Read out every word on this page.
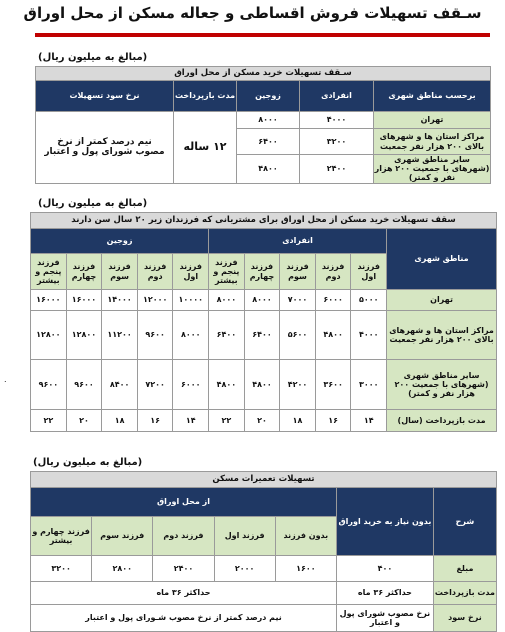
سـقف تسهیلات فروش اقساطی و جعاله مسکن از محل اوراق
(مبالغ به میلیون ریال)
سـقف تسهیلات خرید مسکن از محل اوراق				
برحسب مناطق شهری	انفرادی	زوجین	مدت بازپرداخت	نرخ سود تسهیلات
تهران	۴۰۰۰	۸۰۰۰	۱۲ ساله	نیم درصد کمتر از نرخ مصوب شورای پول و اعتبار
مراکز استان ها و شهرهای بالای ۲۰۰ هزار نفر جمعیت	۳۲۰۰	۶۴۰۰		
سایر مناطق شهری (شهرهای با جمعیت ۲۰۰ هزار نفر و کمتر)	۲۴۰۰	۴۸۰۰		
(مبالغ به میلیون ریال)
سقف تسهیلات خرید مسکن از محل اوراق برای مشتریانی که فرزندان زیر ۲۰ سال سن دارند										
مناطق شهری	انفرادی					زوجین				
	فرزند اول	فرزند دوم	فرزند سوم	فرزند چهارم	فرزند پنجم و بیشتر	فرزند اول	فرزند دوم	فرزند سوم	فرزند چهارم	فرزند پنجم و بیشتر
تهران	۵۰۰۰	۶۰۰۰	۷۰۰۰	۸۰۰۰	۸۰۰۰	۱۰۰۰۰	۱۲۰۰۰	۱۴۰۰۰	۱۶۰۰۰	۱۶۰۰۰
مراکز استان ها و شهرهای بالای ۲۰۰ هزار نفر جمعیت	۴۰۰۰	۴۸۰۰	۵۶۰۰	۶۴۰۰	۶۴۰۰	۸۰۰۰	۹۶۰۰	۱۱۲۰۰	۱۲۸۰۰	۱۲۸۰۰
سایر مناطق شهری (شهرهای با جمعیت ۲۰۰ هزار نفر و کمتر)	۳۰۰۰	۳۶۰۰	۴۲۰۰	۴۸۰۰	۴۸۰۰	۶۰۰۰	۷۲۰۰	۸۴۰۰	۹۶۰۰	۹۶۰۰
مدت بازپرداخت (سال)	۱۴	۱۶	۱۸	۲۰	۲۲	۱۴	۱۶	۱۸	۲۰	۲۲
.
(مبالغ به میلیون ریال)
تسهیلات تعمیرات مسکن						
شرح	بدون نیاز به خرید اوراق	از محل اوراق				
		بدون فرزند	فرزند اول	فرزند دوم	فرزند سوم	فرزند چهارم و بیشتر
مبلغ	۴۰۰	۱۶۰۰	۲۰۰۰	۲۴۰۰	۲۸۰۰	۳۲۰۰
مدت بازپرداخت	حداکثر ۳۶ ماه	حداکثر ۳۶ ماه				
نرخ سود	نرخ مصوب شورای پول و اعتبار	نیم درصد کمتر از نرخ مصوب شـورای پول و اعتبار				
